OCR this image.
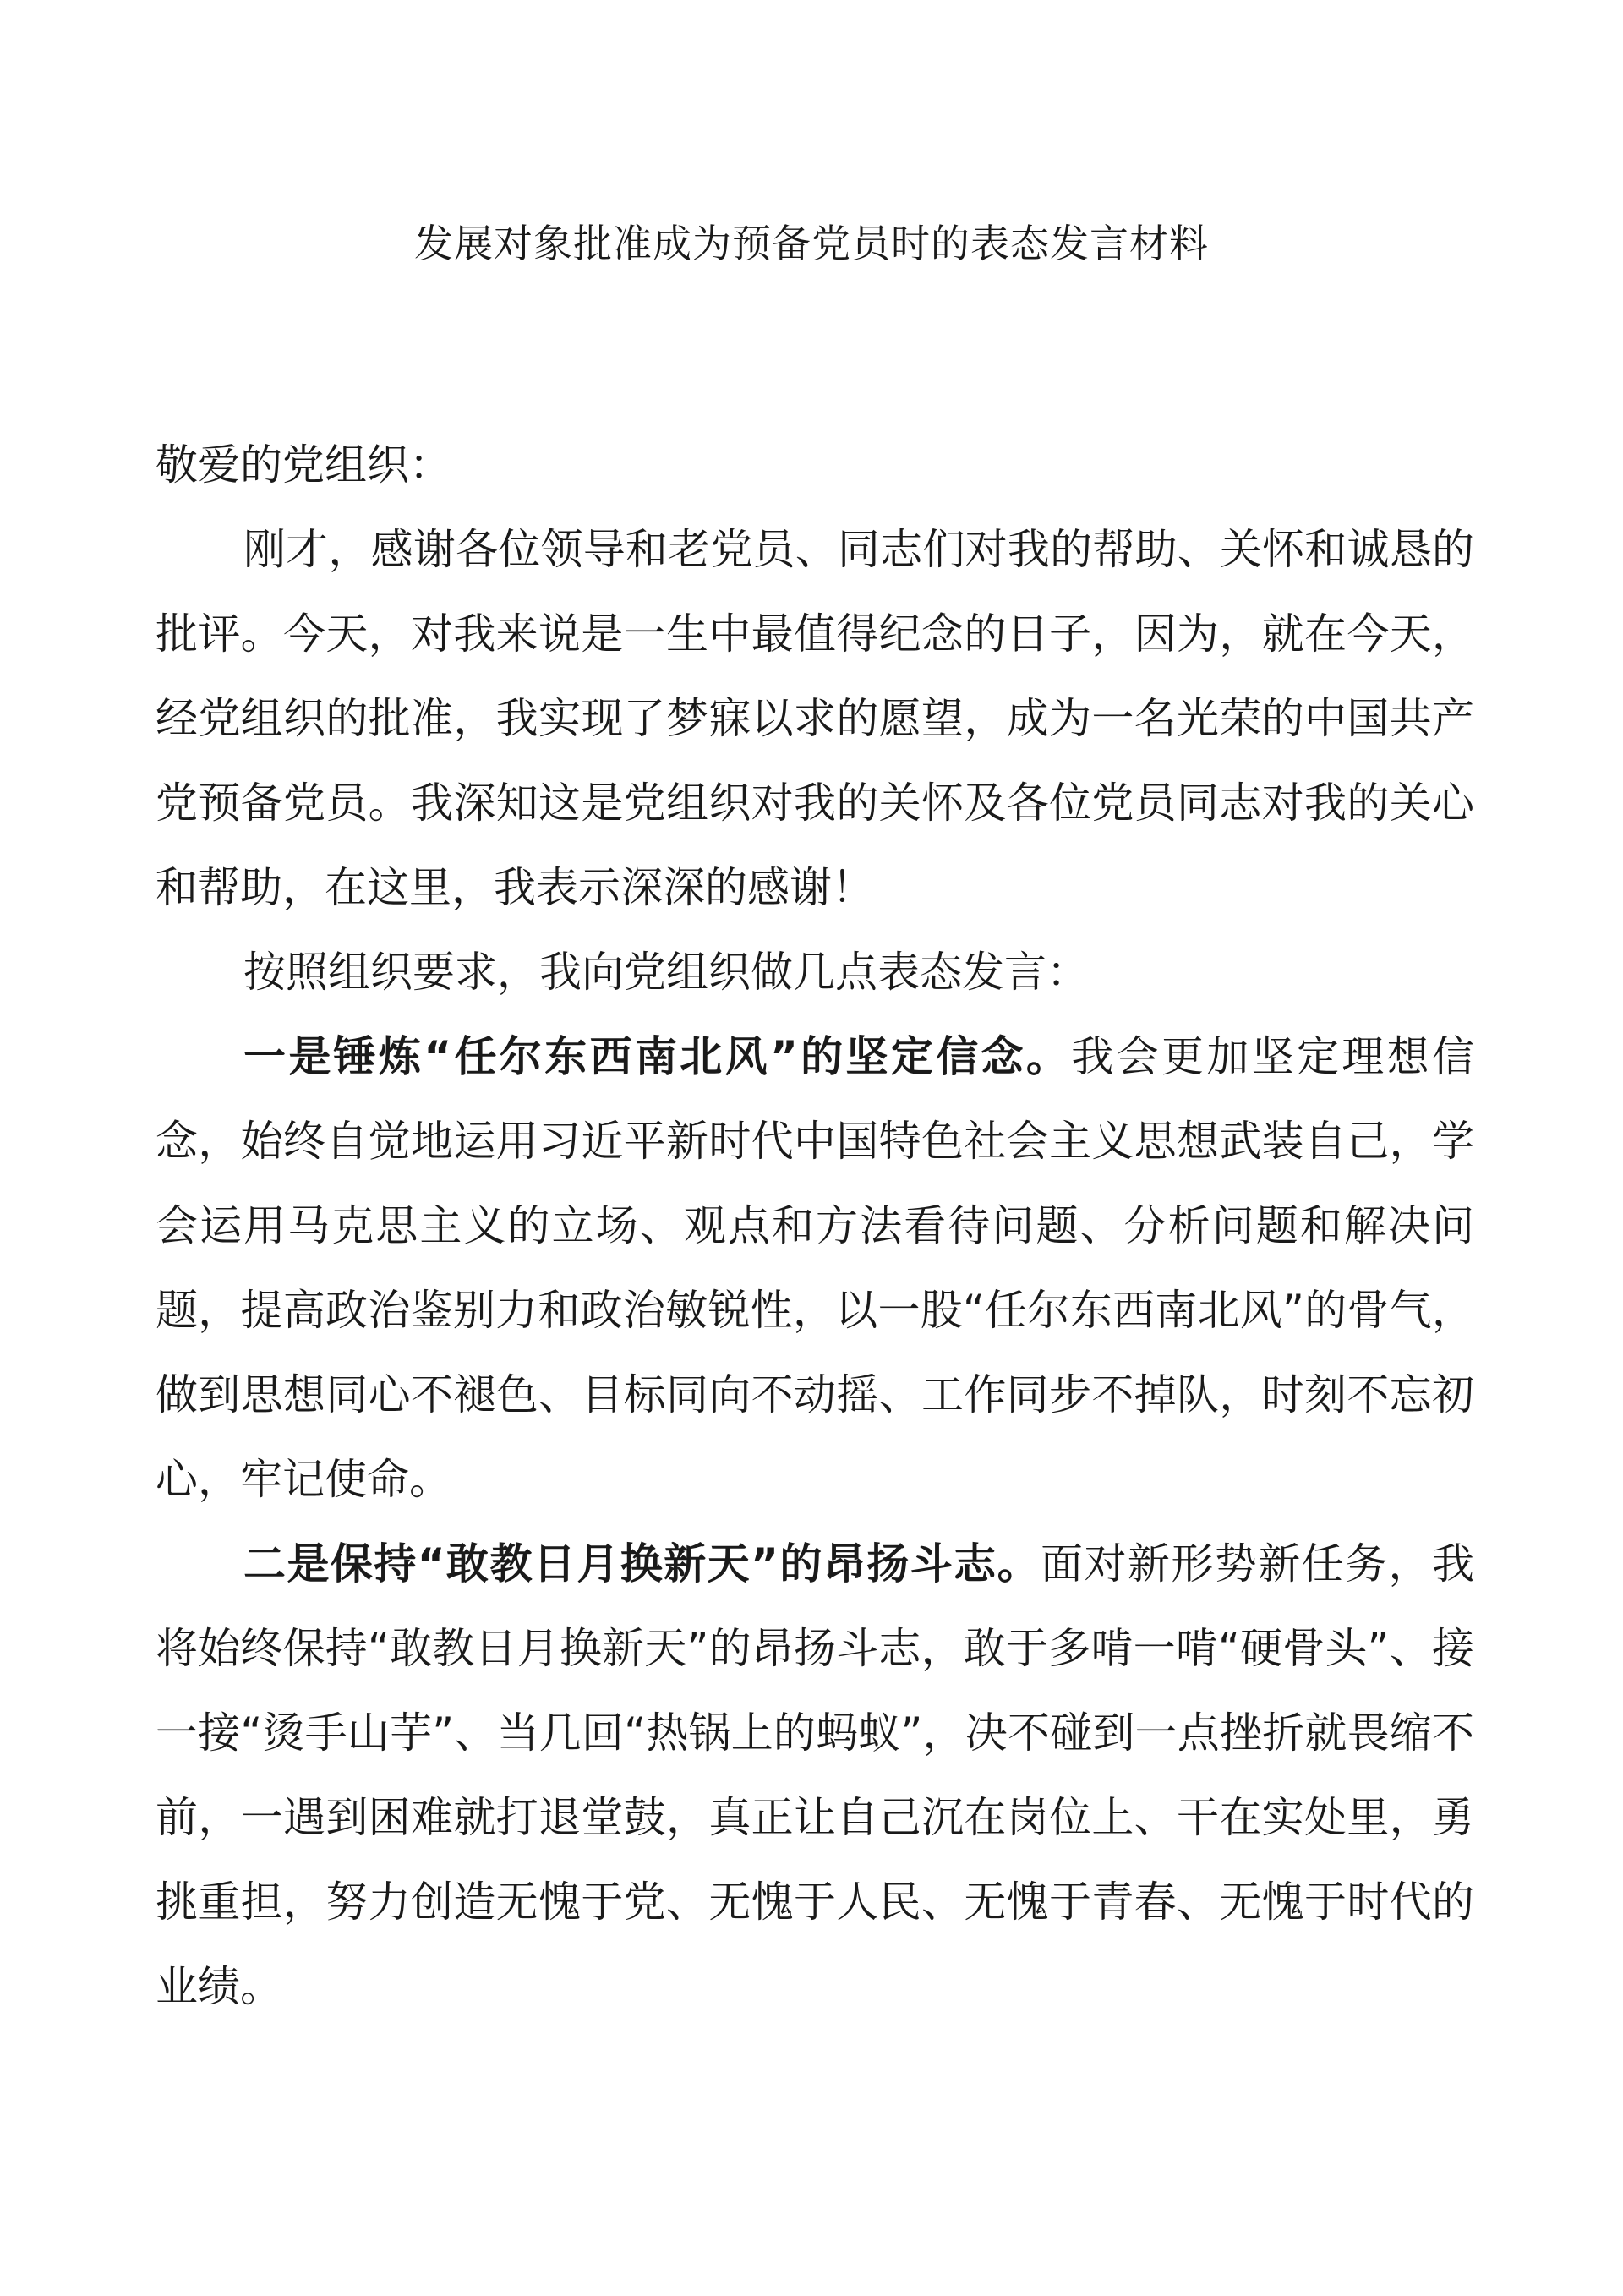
发展对象批准成为预备党员时的表态发言材料

敬爱的党组织：

刚才，感谢各位领导和老党员、同志们对我的帮助、关怀和诚恳的批评。今天，对我来说是一生中最值得纪念的日子，因为，就在今天，经党组织的批准，我实现了梦寐以求的愿望，成为一名光荣的中国共产党预备党员。我深知这是党组织对我的关怀及各位党员同志对我的关心和帮助，在这里，我表示深深的感谢！

按照组织要求，我向党组织做几点表态发言：

一是锤炼“任尔东西南北风”的坚定信念。我会更加坚定理想信念，始终自觉地运用习近平新时代中国特色社会主义思想武装自己，学会运用马克思主义的立场、观点和方法看待问题、分析问题和解决问题，提高政治鉴别力和政治敏锐性，以一股“任尔东西南北风”的骨气，做到思想同心不褪色、目标同向不动摇、工作同步不掉队，时刻不忘初心，牢记使命。

二是保持“敢教日月换新天”的昂扬斗志。面对新形势新任务，我将始终保持“敢教日月换新天”的昂扬斗志，敢于多啃一啃“硬骨头”、接一接“烫手山芋”、当几回“热锅上的蚂蚁”，决不碰到一点挫折就畏缩不前，一遇到困难就打退堂鼓，真正让自己沉在岗位上、干在实处里，勇挑重担，努力创造无愧于党、无愧于人民、无愧于青春、无愧于时代的业绩。
